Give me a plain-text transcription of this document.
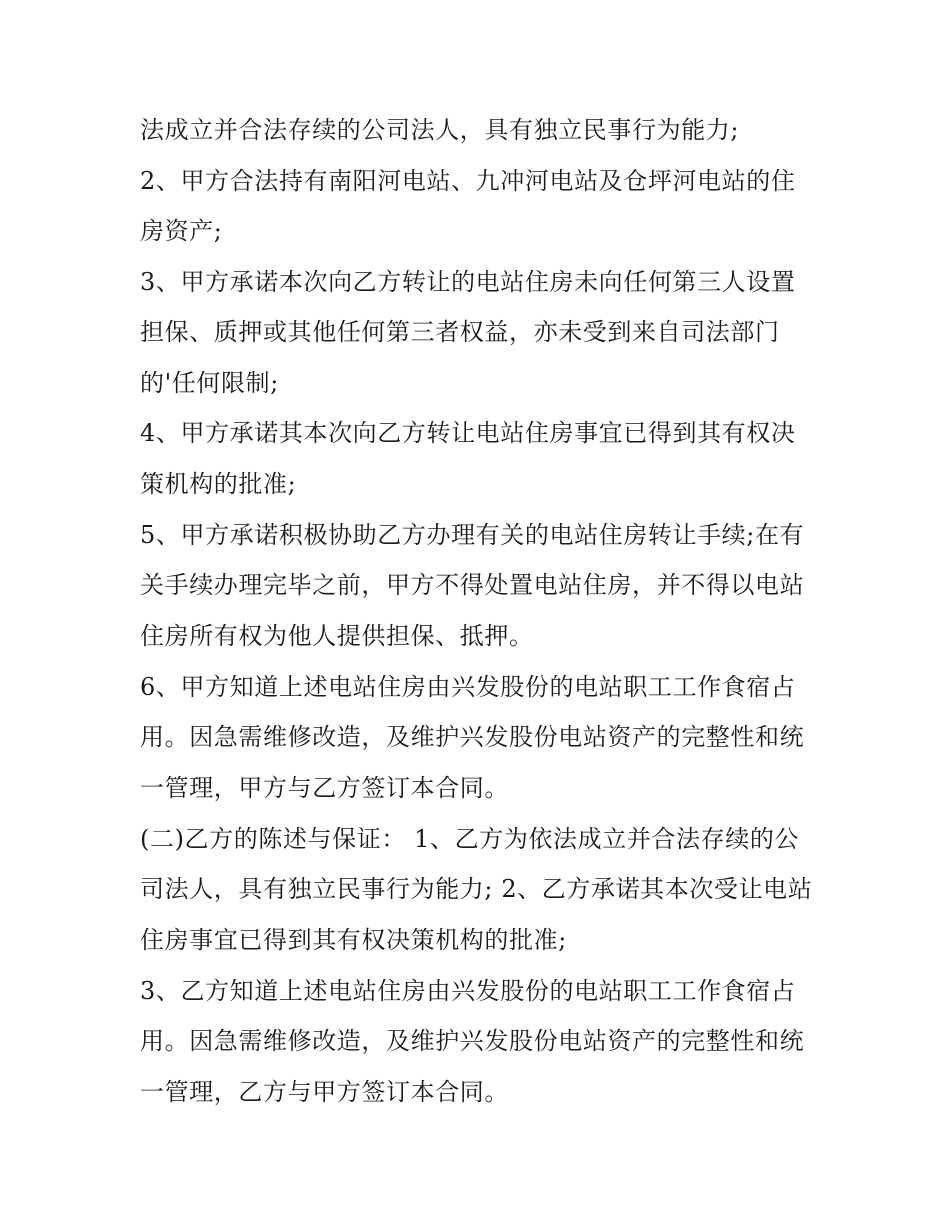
法成立并合法存续的公司法人，具有独立民事行为能力;
2、甲方合法持有南阳河电站、九冲河电站及仓坪河电站的住
房资产;
3、甲方承诺本次向乙方转让的电站住房未向任何第三人设置
担保、质押或其他任何第三者权益，亦未受到来自司法部门
的'任何限制;
4、甲方承诺其本次向乙方转让电站住房事宜已得到其有权决
策机构的批准;
5、甲方承诺积极协助乙方办理有关的电站住房转让手续;在有
关手续办理完毕之前，甲方不得处置电站住房，并不得以电站
住房所有权为他人提供担保、抵押。
6、甲方知道上述电站住房由兴发股份的电站职工工作食宿占
用。因急需维修改造，及维护兴发股份电站资产的完整性和统
一管理，甲方与乙方签订本合同。
(二)乙方的陈述与保证： 1、乙方为依法成立并合法存续的公
司法人，具有独立民事行为能力; 2、乙方承诺其本次受让电站
住房事宜已得到其有权决策机构的批准;
3、乙方知道上述电站住房由兴发股份的电站职工工作食宿占
用。因急需维修改造，及维护兴发股份电站资产的完整性和统
一管理，乙方与甲方签订本合同。
